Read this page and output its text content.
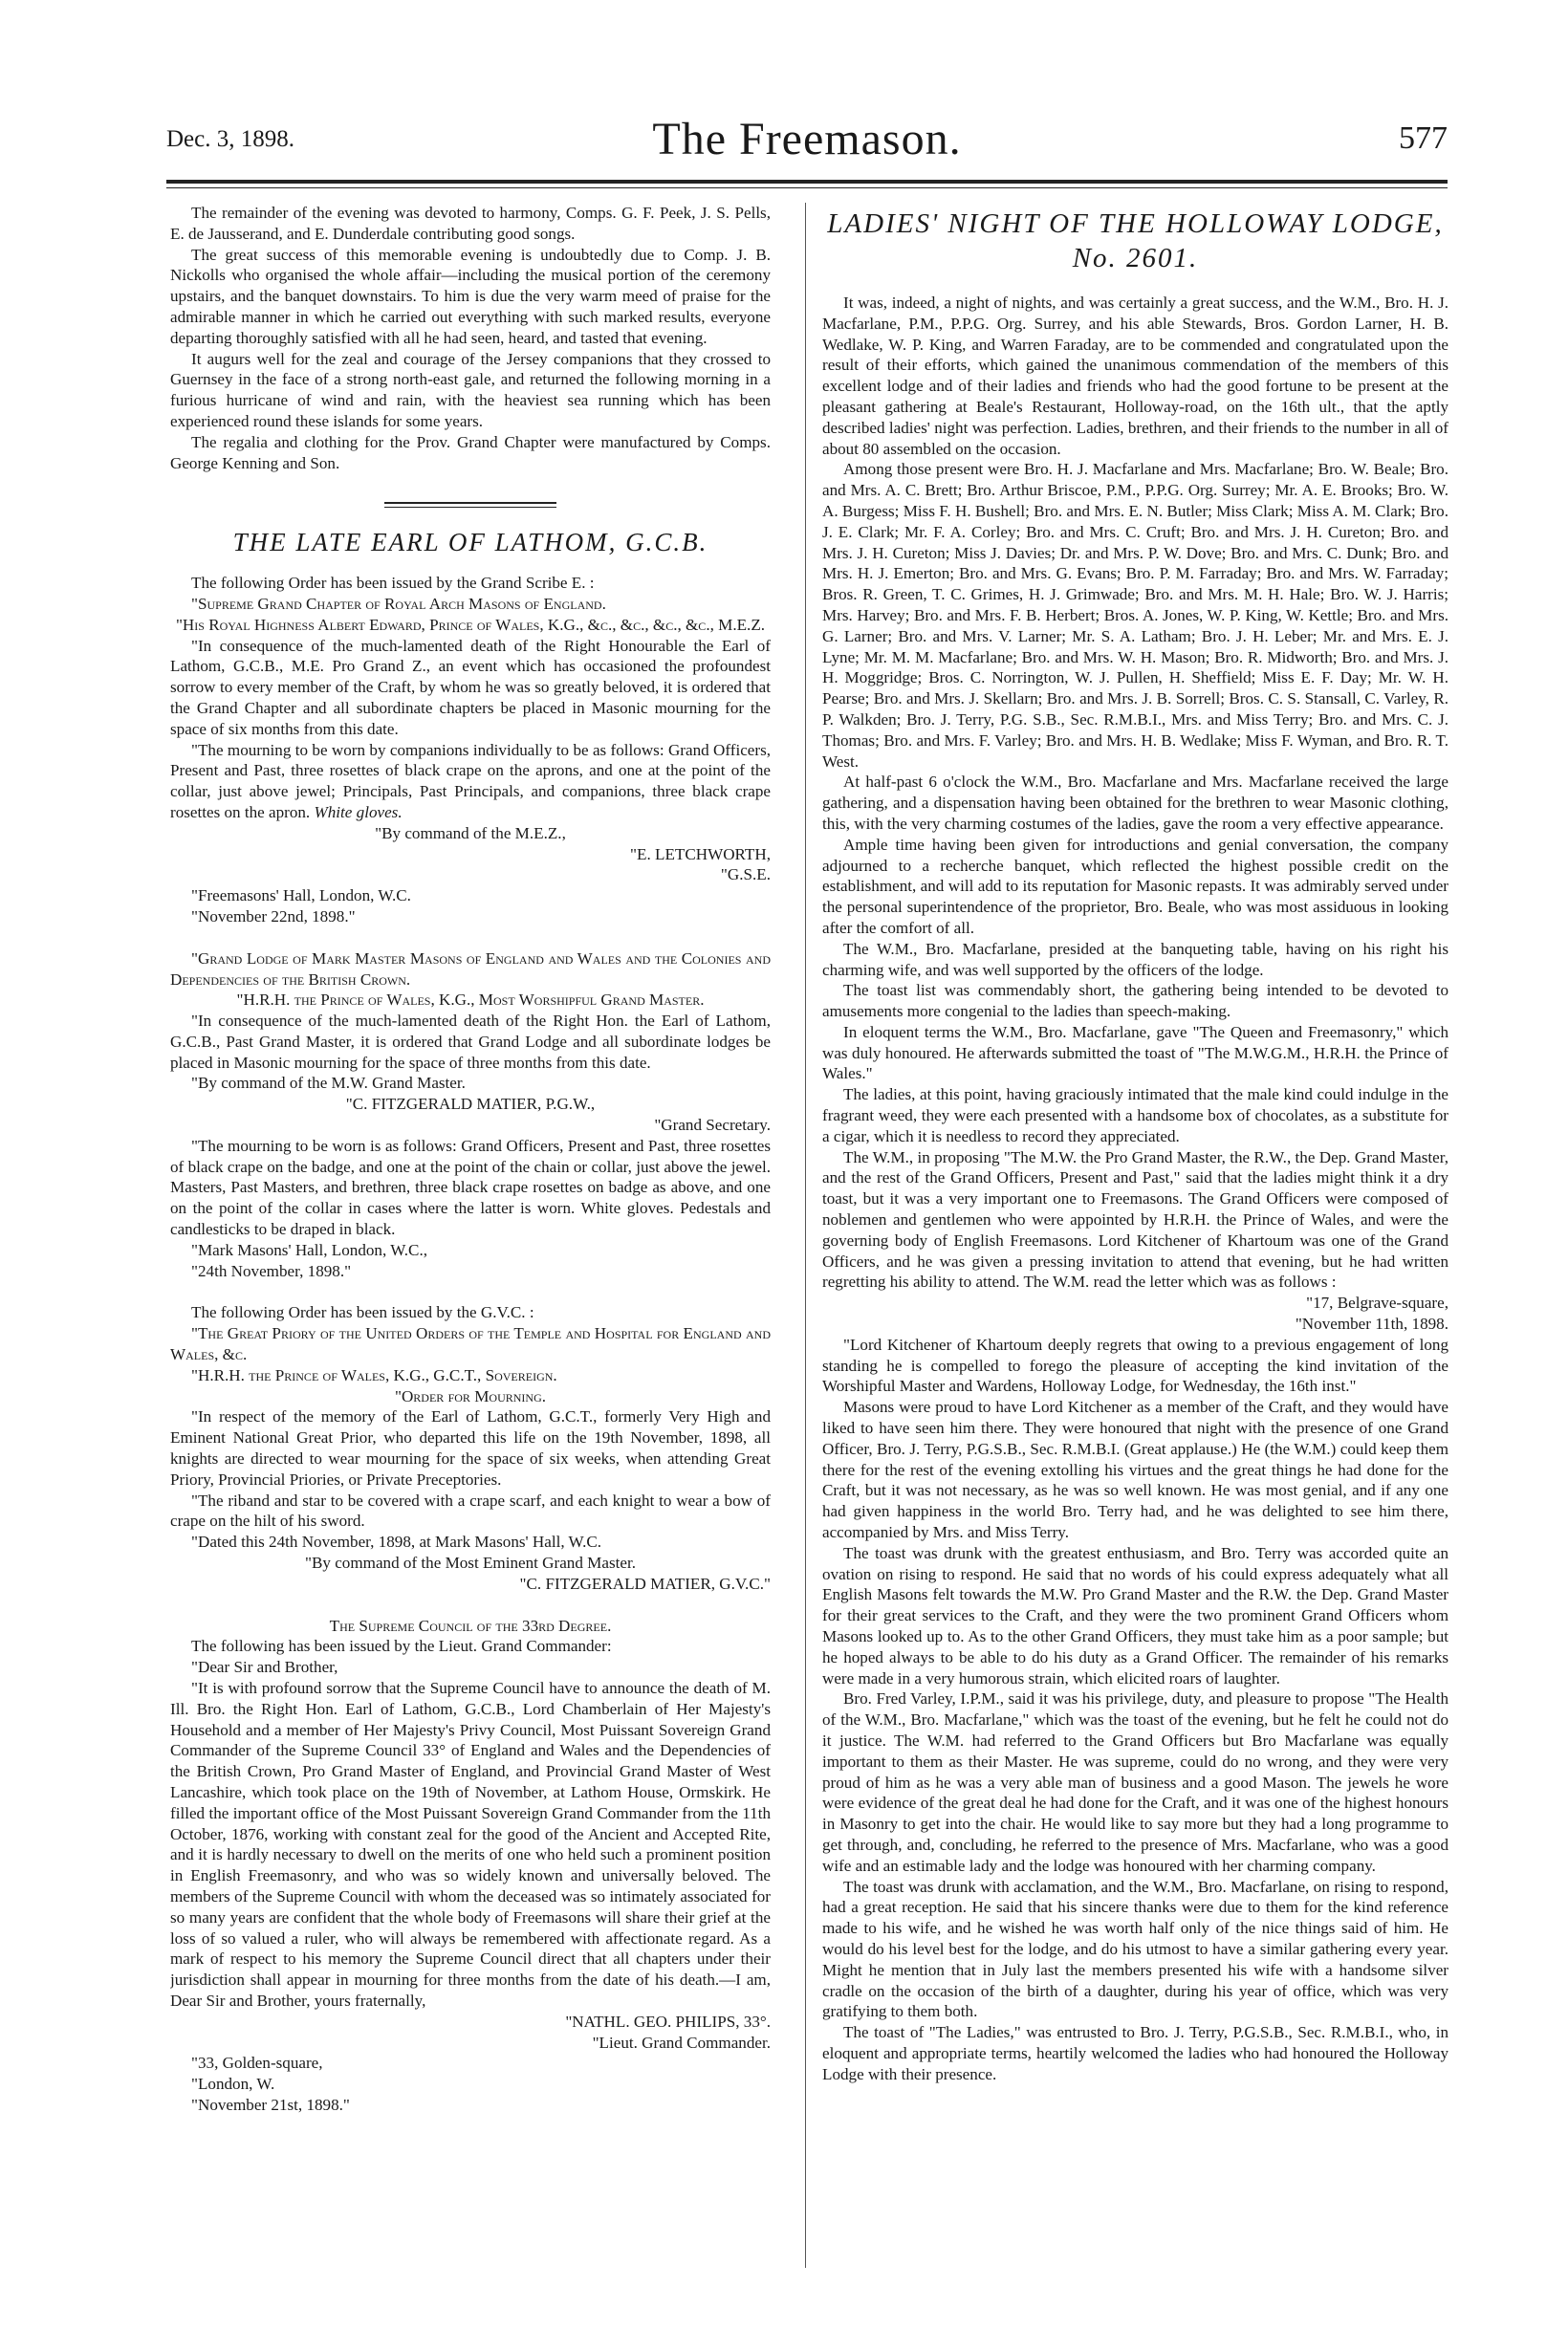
Dec. 3, 1898.	The Freemason.	577

The remainder of the evening was devoted to harmony, Comps. G. F. Peek, J. S. Pells, E. de Jausserand, and E. Dunderdale contributing good songs.

The great success of this memorable evening is undoubtedly due to Comp. J. B. Nickolls who organised the whole affair—including the musical portion of the ceremony upstairs, and the banquet downstairs. To him is due the very warm meed of praise for the admirable manner in which he carried out everything with such marked results, everyone departing thoroughly satisfied with all he had seen, heard, and tasted that evening.

It augurs well for the zeal and courage of the Jersey companions that they crossed to Guernsey in the face of a strong north-east gale, and returned the following morning in a furious hurricane of wind and rain, with the heaviest sea running which has been experienced round these islands for some years.

The regalia and clothing for the Prov. Grand Chapter were manufactured by Comps. George Kenning and Son.

THE LATE EARL OF LATHOM, G.C.B.

The following Order has been issued by the Grand Scribe E. :

"Supreme Grand Chapter of Royal Arch Masons of England.

"His Royal Highness Albert Edward, Prince of Wales, K.G., &c., &c., &c., &c., M.E.Z.

"In consequence of the much-lamented death of the Right Honourable the Earl of Lathom, G.C.B., M.E. Pro Grand Z., an event which has occasioned the profoundest sorrow to every member of the Craft, by whom he was so greatly beloved, it is ordered that the Grand Chapter and all subordinate chapters be placed in Masonic mourning for the space of six months from this date.

"The mourning to be worn by companions individually to be as follows: Grand Officers, Present and Past, three rosettes of black crape on the aprons, and one at the point of the collar, just above jewel; Principals, Past Principals, and companions, three black crape rosettes on the apron. White gloves.

"By command of the M.E.Z.,

"E. LETCHWORTH,

"G.S.E.

"Freemasons' Hall, London, W.C.

"November 22nd, 1898."

"Grand Lodge of Mark Master Masons of England and Wales and the Colonies and Dependencies of the British Crown.

"H.R.H. the Prince of Wales, K.G., Most Worshipful Grand Master.

"In consequence of the much-lamented death of the Right Hon. the Earl of Lathom, G.C.B., Past Grand Master, it is ordered that Grand Lodge and all subordinate lodges be placed in Masonic mourning for the space of three months from this date.

"By command of the M.W. Grand Master.

"C. FITZGERALD MATIER, P.G.W.,

"Grand Secretary.

"The mourning to be worn is as follows: Grand Officers, Present and Past, three rosettes of black crape on the badge, and one at the point of the chain or collar, just above the jewel. Masters, Past Masters, and brethren, three black crape rosettes on badge as above, and one on the point of the collar in cases where the latter is worn. White gloves. Pedestals and candlesticks to be draped in black.

"Mark Masons' Hall, London, W.C.,

"24th November, 1898."

The following Order has been issued by the G.V.C. :

"The Great Priory of the United Orders of the Temple and Hospital for England and Wales, &c.

"H.R.H. the Prince of Wales, K.G., G.C.T., Sovereign.

"Order for Mourning.

"In respect of the memory of the Earl of Lathom, G.C.T., formerly Very High and Eminent National Great Prior, who departed this life on the 19th November, 1898, all knights are directed to wear mourning for the space of six weeks, when attending Great Priory, Provincial Priories, or Private Preceptories.

"The riband and star to be covered with a crape scarf, and each knight to wear a bow of crape on the hilt of his sword.

"Dated this 24th November, 1898, at Mark Masons' Hall, W.C.

"By command of the Most Eminent Grand Master.

"C. FITZGERALD MATIER, G.V.C."

The Supreme Council of the 33rd Degree.

The following has been issued by the Lieut. Grand Commander:

"Dear Sir and Brother,

"It is with profound sorrow that the Supreme Council have to announce the death of M. Ill. Bro. the Right Hon. Earl of Lathom, G.C.B., Lord Chamberlain of Her Majesty's Household and a member of Her Majesty's Privy Council, Most Puissant Sovereign Grand Commander of the Supreme Council 33° of England and Wales and the Dependencies of the British Crown, Pro Grand Master of England, and Provincial Grand Master of West Lancashire, which took place on the 19th of November, at Lathom House, Ormskirk. He filled the important office of the Most Puissant Sovereign Grand Commander from the 11th October, 1876, working with constant zeal for the good of the Ancient and Accepted Rite, and it is hardly necessary to dwell on the merits of one who held such a prominent position in English Freemasonry, and who was so widely known and universally beloved. The members of the Supreme Council with whom the deceased was so intimately associated for so many years are confident that the whole body of Freemasons will share their grief at the loss of so valued a ruler, who will always be remembered with affectionate regard. As a mark of respect to his memory the Supreme Council direct that all chapters under their jurisdiction shall appear in mourning for three months from the date of his death.—I am, Dear Sir and Brother, yours fraternally,

"NATHL. GEO. PHILIPS, 33°.

"Lieut. Grand Commander.

"33, Golden-square,

"London, W.

"November 21st, 1898."

LADIES' NIGHT OF THE HOLLOWAY LODGE,
No. 2601.

It was, indeed, a night of nights, and was certainly a great success, and the W.M., Bro. H. J. Macfarlane, P.M., P.P.G. Org. Surrey, and his able Stewards, Bros. Gordon Larner, H. B. Wedlake, W. P. King, and Warren Faraday, are to be commended and congratulated upon the result of their efforts, which gained the unanimous commendation of the members of this excellent lodge and of their ladies and friends who had the good fortune to be present at the pleasant gathering at Beale's Restaurant, Holloway-road, on the 16th ult., that the aptly described ladies' night was perfection. Ladies, brethren, and their friends to the number in all of about 80 assembled on the occasion.

Among those present were Bro. H. J. Macfarlane and Mrs. Macfarlane; Bro. W. Beale; Bro. and Mrs. A. C. Brett; Bro. Arthur Briscoe, P.M., P.P.G. Org. Surrey; Mr. A. E. Brooks; Bro. W. A. Burgess; Miss F. H. Bushell; Bro. and Mrs. E. N. Butler; Miss Clark; Miss A. M. Clark; Bro. J. E. Clark; Mr. F. A. Corley; Bro. and Mrs. C. Cruft; Bro. and Mrs. J. H. Cureton; Bro. and Mrs. J. H. Cureton; Miss J. Davies; Dr. and Mrs. P. W. Dove; Bro. and Mrs. C. Dunk; Bro. and Mrs. H. J. Emerton; Bro. and Mrs. G. Evans; Bro. P. M. Farraday; Bro. and Mrs. W. Farraday; Bros. R. Green, T. C. Grimes, H. J. Grimwade; Bro. and Mrs. M. H. Hale; Bro. W. J. Harris; Mrs. Harvey; Bro. and Mrs. F. B. Herbert; Bros. A. Jones, W. P. King, W. Kettle; Bro. and Mrs. G. Larner; Bro. and Mrs. V. Larner; Mr. S. A. Latham; Bro. J. H. Leber; Mr. and Mrs. E. J. Lyne; Mr. M. M. Macfarlane; Bro. and Mrs. W. H. Mason; Bro. R. Midworth; Bro. and Mrs. J. H. Moggridge; Bros. C. Norrington, W. J. Pullen, H. Sheffield; Miss E. F. Day; Mr. W. H. Pearse; Bro. and Mrs. J. Skellarn; Bro. and Mrs. J. B. Sorrell; Bros. C. S. Stansall, C. Varley, R. P. Walkden; Bro. J. Terry, P.G. S.B., Sec. R.M.B.I., Mrs. and Miss Terry; Bro. and Mrs. C. J. Thomas; Bro. and Mrs. F. Varley; Bro. and Mrs. H. B. Wedlake; Miss F. Wyman, and Bro. R. T. West.

At half-past 6 o'clock the W.M., Bro. Macfarlane and Mrs. Macfarlane received the large gathering, and a dispensation having been obtained for the brethren to wear Masonic clothing, this, with the very charming costumes of the ladies, gave the room a very effective appearance.

Ample time having been given for introductions and genial conversation, the company adjourned to a recherche banquet, which reflected the highest possible credit on the establishment, and will add to its reputation for Masonic repasts. It was admirably served under the personal superintendence of the proprietor, Bro. Beale, who was most assiduous in looking after the comfort of all.

The W.M., Bro. Macfarlane, presided at the banqueting table, having on his right his charming wife, and was well supported by the officers of the lodge.

The toast list was commendably short, the gathering being intended to be devoted to amusements more congenial to the ladies than speech-making.

In eloquent terms the W.M., Bro. Macfarlane, gave "The Queen and Freemasonry," which was duly honoured. He afterwards submitted the toast of "The M.W.G.M., H.R.H. the Prince of Wales."

The ladies, at this point, having graciously intimated that the male kind could indulge in the fragrant weed, they were each presented with a handsome box of chocolates, as a substitute for a cigar, which it is needless to record they appreciated.

The W.M., in proposing "The M.W. the Pro Grand Master, the R.W., the Dep. Grand Master, and the rest of the Grand Officers, Present and Past," said that the ladies might think it a dry toast, but it was a very important one to Freemasons. The Grand Officers were composed of noblemen and gentlemen who were appointed by H.R.H. the Prince of Wales, and were the governing body of English Freemasons. Lord Kitchener of Khartoum was one of the Grand Officers, and he was given a pressing invitation to attend that evening, but he had written regretting his ability to attend. The W.M. read the letter which was as follows :

"17, Belgrave-square,

"November 11th, 1898.

"Lord Kitchener of Khartoum deeply regrets that owing to a previous engagement of long standing he is compelled to forego the pleasure of accepting the kind invitation of the Worshipful Master and Wardens, Holloway Lodge, for Wednesday, the 16th inst."

Masons were proud to have Lord Kitchener as a member of the Craft, and they would have liked to have seen him there. They were honoured that night with the presence of one Grand Officer, Bro. J. Terry, P.G.S.B., Sec. R.M.B.I. (Great applause.) He (the W.M.) could keep them there for the rest of the evening extolling his virtues and the great things he had done for the Craft, but it was not necessary, as he was so well known. He was most genial, and if any one had given happiness in the world Bro. Terry had, and he was delighted to see him there, accompanied by Mrs. and Miss Terry.

The toast was drunk with the greatest enthusiasm, and Bro. Terry was accorded quite an ovation on rising to respond. He said that no words of his could express adequately what all English Masons felt towards the M.W. Pro Grand Master and the R.W. the Dep. Grand Master for their great services to the Craft, and they were the two prominent Grand Officers whom Masons looked up to. As to the other Grand Officers, they must take him as a poor sample; but he hoped always to be able to do his duty as a Grand Officer. The remainder of his remarks were made in a very humorous strain, which elicited roars of laughter.

Bro. Fred Varley, I.P.M., said it was his privilege, duty, and pleasure to propose "The Health of the W.M., Bro. Macfarlane," which was the toast of the evening, but he felt he could not do it justice. The W.M. had referred to the Grand Officers but Bro Macfarlane was equally important to them as their Master. He was supreme, could do no wrong, and they were very proud of him as he was a very able man of business and a good Mason. The jewels he wore were evidence of the great deal he had done for the Craft, and it was one of the highest honours in Masonry to get into the chair. He would like to say more but they had a long programme to get through, and, concluding, he referred to the presence of Mrs. Macfarlane, who was a good wife and an estimable lady and the lodge was honoured with her charming company.

The toast was drunk with acclamation, and the W.M., Bro. Macfarlane, on rising to respond, had a great reception. He said that his sincere thanks were due to them for the kind reference made to his wife, and he wished he was worth half only of the nice things said of him. He would do his level best for the lodge, and do his utmost to have a similar gathering every year. Might he mention that in July last the members presented his wife with a handsome silver cradle on the occasion of the birth of a daughter, during his year of office, which was very gratifying to them both.

The toast of "The Ladies," was entrusted to Bro. J. Terry, P.G.S.B., Sec. R.M.B.I., who, in eloquent and appropriate terms, heartily welcomed the ladies who had honoured the Holloway Lodge with their presence.
